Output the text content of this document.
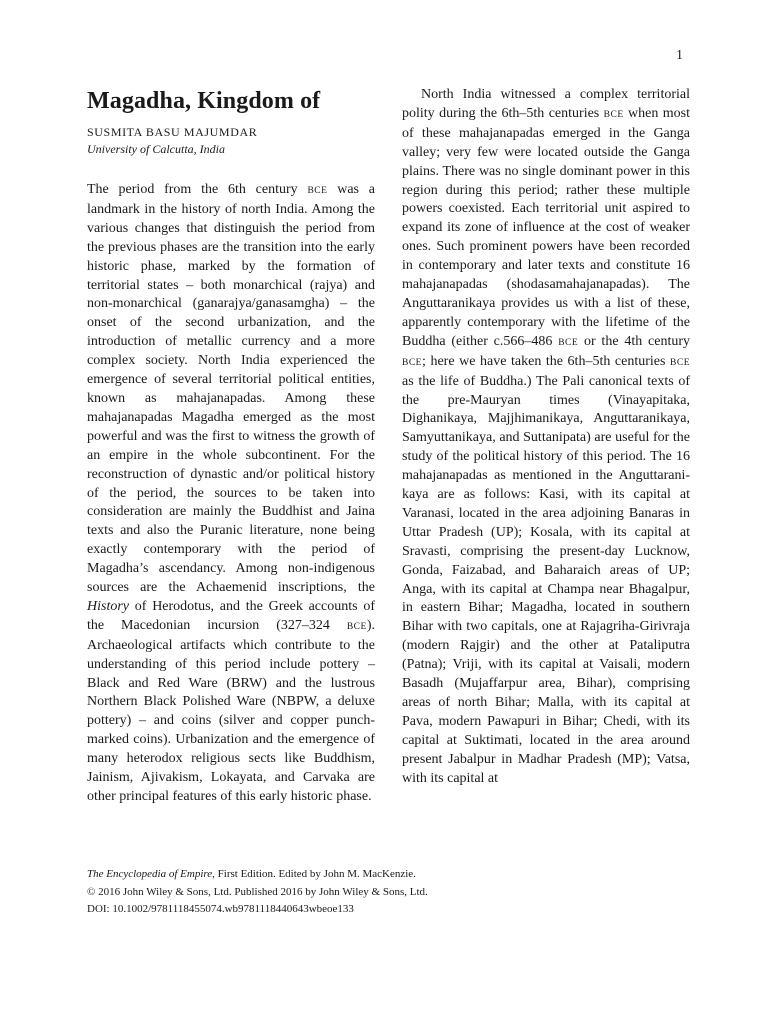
1
Magadha, Kingdom of
SUSMITA BASU MAJUMDAR
University of Calcutta, India

The period from the 6th century BCE was a landmark in the history of north India. Among the various changes that distinguish the period from the previous phases are the transition into the early historic phase, marked by the formation of territorial states – both monarchical (rajya) and non-monarchical (ganarajya/ganasamgha) – the onset of the second urbanization, and the introduction of metallic currency and a more complex society. North India experienced the emergence of several territorial political entities, known as mahajanapadas. Among these mahajanapadas Magadha emerged as the most powerful and was the first to witness the growth of an empire in the whole subcontinent. For the reconstruction of dynastic and/or political history of the period, the sources to be taken into consideration are mainly the Buddhist and Jaina texts and also the Puranic literature, none being exactly contemporary with the period of Magadha’s ascendancy. Among non-indigenous sources are the Achaemenid inscriptions, the History of Herodotus, and the Greek accounts of the Macedonian incursion (327–324 BCE). Archaeological artifacts which contribute to the understanding of this period include pottery – Black and Red Ware (BRW) and the lustrous Northern Black Polished Ware (NBPW, a deluxe pottery) – and coins (silver and copper punch-marked coins). Urbanization and the emergence of many heterodox religious sects like Buddhism, Jainism, Ajivakism, Lokayata, and Carvaka are other principal features of this early historic phase.

North India witnessed a complex territorial polity during the 6th–5th centuries BCE when most of these mahajanapadas emerged in the Ganga valley; very few were located outside the Ganga plains. There was no single dominant power in this region during this period; rather these multiple powers coexisted. Each territorial unit aspired to expand its zone of influence at the cost of weaker ones. Such prominent powers have been recorded in contemporary and later texts and constitute 16 mahajanapadas (shodasamahajanapadas). The Anguttaranikaya provides us with a list of these, apparently contemporary with the lifetime of the Buddha (either c.566–486 BCE or the 4th century BCE; here we have taken the 6th–5th centuries BCE as the life of Buddha.) The Pali canonical texts of the pre-Mauryan times (Vinayapitaka, Dighanikaya, Majjhimanikaya, Anguttaranikaya, Samyuttanikaya, and Suttanipata) are useful for the study of the political history of this period. The 16 mahajanapadas as mentioned in the Anguttaranikaya are as follows: Kasi, with its capital at Varanasi, located in the area adjoining Banaras in Uttar Pradesh (UP); Kosala, with its capital at Sravasti, comprising the present-day Lucknow, Gonda, Faizabad, and Baharaich areas of UP; Anga, with its capital at Champa near Bhagalpur, in eastern Bihar; Magadha, located in southern Bihar with two capitals, one at Rajagriha-Girivraja (modern Rajgir) and the other at Pataliputra (Patna); Vriji, with its capital at Vaisali, modern Basadh (Mujaffarpur area, Bihar), comprising areas of north Bihar; Malla, with its capital at Pava, modern Pawapuri in Bihar; Chedi, with its capital at Suktimati, located in the area around present Jabalpur in Madhar Pradesh (MP); Vatsa, with its capital at

The Encyclopedia of Empire, First Edition. Edited by John M. MacKenzie.
© 2016 John Wiley & Sons, Ltd. Published 2016 by John Wiley & Sons, Ltd.
DOI: 10.1002/9781118455074.wb9781118440643wbeoe133
